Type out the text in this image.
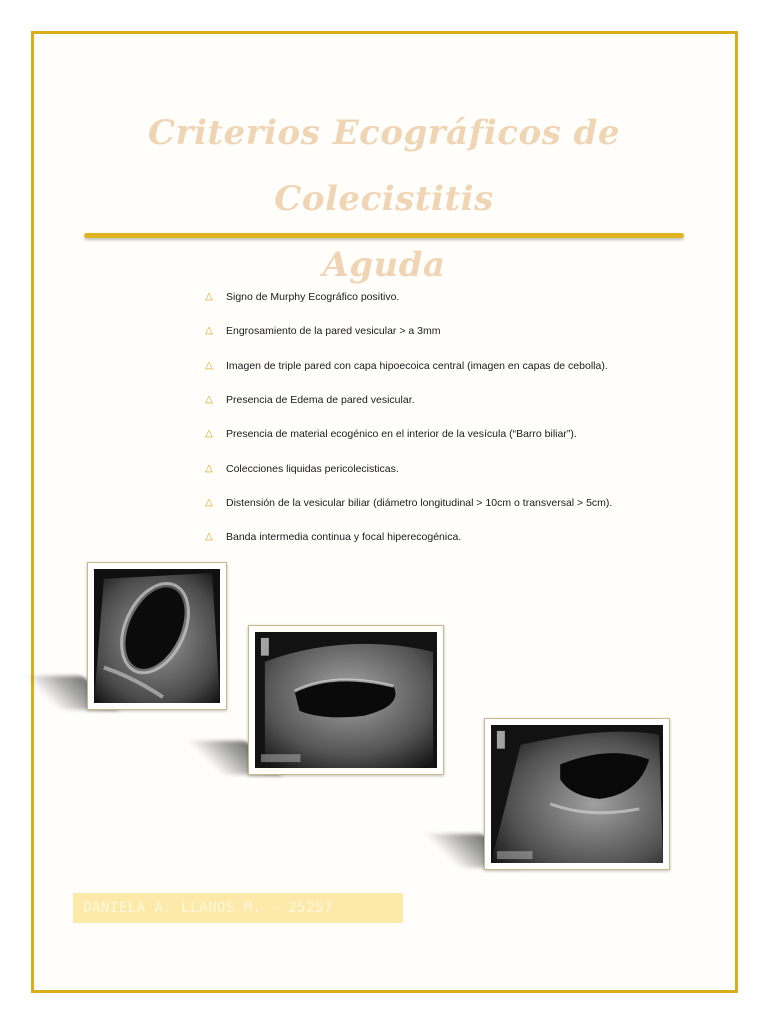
Criterios Ecográficos de Colecistitis
Aguda
△ Signo de Murphy Ecográfico positivo.
△ Engrosamiento de la pared vesicular > a 3mm
△ Imagen de triple pared con capa hipoecoica central (imagen en capas de cebolla).
△ Presencia de Edema de pared vesicular.
△ Presencia de material ecogénico en el interior de la vesícula (“Barro biliar”).
△ Colecciones liquidas pericolecisticas.
△ Distensión de la vesicular biliar (diámetro longitudinal > 10cm o transversal > 5cm).
△ Banda intermedia continua y focal hiperecogénica.
DANIELA A. LLANOS M. - 25257
